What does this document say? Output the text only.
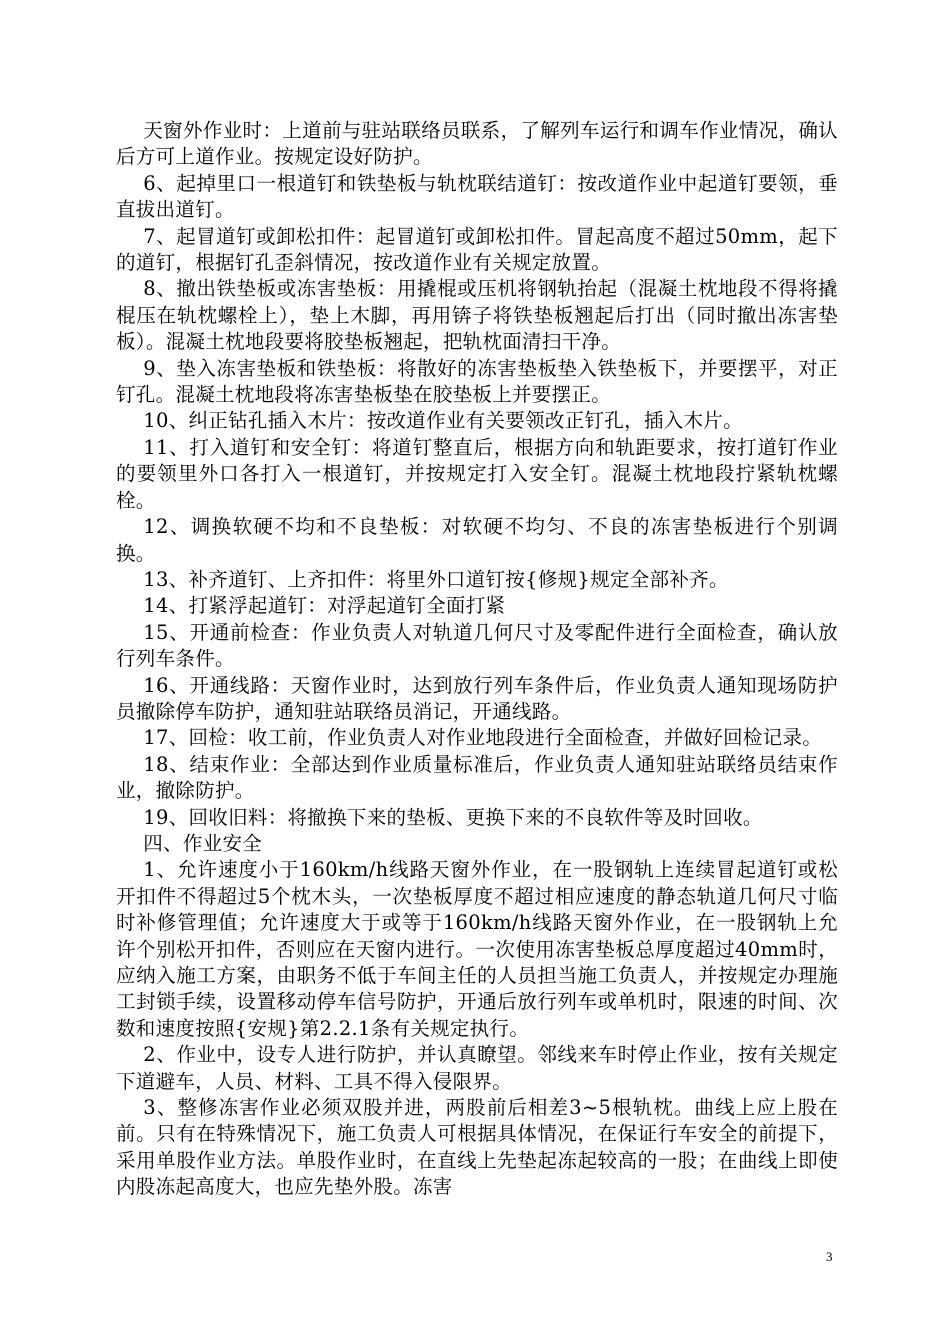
天窗外作业时：上道前与驻站联络员联系，了解列车运行和调车作业情况，确认后方可上道作业。按规定设好防护。

6、起掉里口一根道钉和铁垫板与轨枕联结道钉：按改道作业中起道钉要领，垂直拔出道钉。

7、起冒道钉或卸松扣件：起冒道钉或卸松扣件。冒起高度不超过50mm，起下的道钉，根据钉孔歪斜情况，按改道作业有关规定放置。

8、撤出铁垫板或冻害垫板：用撬棍或压机将钢轨抬起（混凝土枕地段不得将撬棍压在轨枕螺栓上），垫上木脚，再用锛子将铁垫板翘起后打出（同时撤出冻害垫板）。混凝土枕地段要将胶垫板翘起，把轨枕面清扫干净。

9、垫入冻害垫板和铁垫板：将散好的冻害垫板垫入铁垫板下，并要摆平，对正钉孔。混凝土枕地段将冻害垫板垫在胶垫板上并要摆正。

10、纠正钻孔插入木片：按改道作业有关要领改正钉孔，插入木片。

11、打入道钉和安全钉：将道钉整直后，根据方向和轨距要求，按打道钉作业的要领里外口各打入一根道钉，并按规定打入安全钉。混凝土枕地段拧紧轨枕螺栓。

12、调换软硬不均和不良垫板：对软硬不均匀、不良的冻害垫板进行个别调换。

13、补齐道钉、上齐扣件：将里外口道钉按{修规}规定全部补齐。

14、打紧浮起道钉：对浮起道钉全面打紧

15、开通前检查：作业负责人对轨道几何尺寸及零配件进行全面检查，确认放行列车条件。

16、开通线路：天窗作业时，达到放行列车条件后，作业负责人通知现场防护员撤除停车防护，通知驻站联络员消记，开通线路。

17、回检：收工前，作业负责人对作业地段进行全面检查，并做好回检记录。

18、结束作业：全部达到作业质量标准后，作业负责人通知驻站联络员结束作业，撤除防护。

19、回收旧料：将撤换下来的垫板、更换下来的不良软件等及时回收。

四、作业安全

1、允许速度小于160km/h线路天窗外作业，在一股钢轨上连续冒起道钉或松开扣件不得超过5个枕木头，一次垫板厚度不超过相应速度的静态轨道几何尺寸临时补修管理值；允许速度大于或等于160km/h线路天窗外作业，在一股钢轨上允许个别松开扣件，否则应在天窗内进行。一次使用冻害垫板总厚度超过40mm时，应纳入施工方案，由职务不低于车间主任的人员担当施工负责人，并按规定办理施工封锁手续，设置移动停车信号防护，开通后放行列车或单机时，限速的时间、次数和速度按照{安规}第2.2.1条有关规定执行。

2、作业中，设专人进行防护，并认真瞭望。邻线来车时停止作业，按有关规定下道避车，人员、材料、工具不得入侵限界。

3、整修冻害作业必须双股并进，两股前后相差3~5根轨枕。曲线上应上股在前。只有在特殊情况下，施工负责人可根据具体情况，在保证行车安全的前提下，采用单股作业方法。单股作业时，在直线上先垫起冻起较高的一股；在曲线上即使内股冻起高度大，也应先垫外股。冻害

3
